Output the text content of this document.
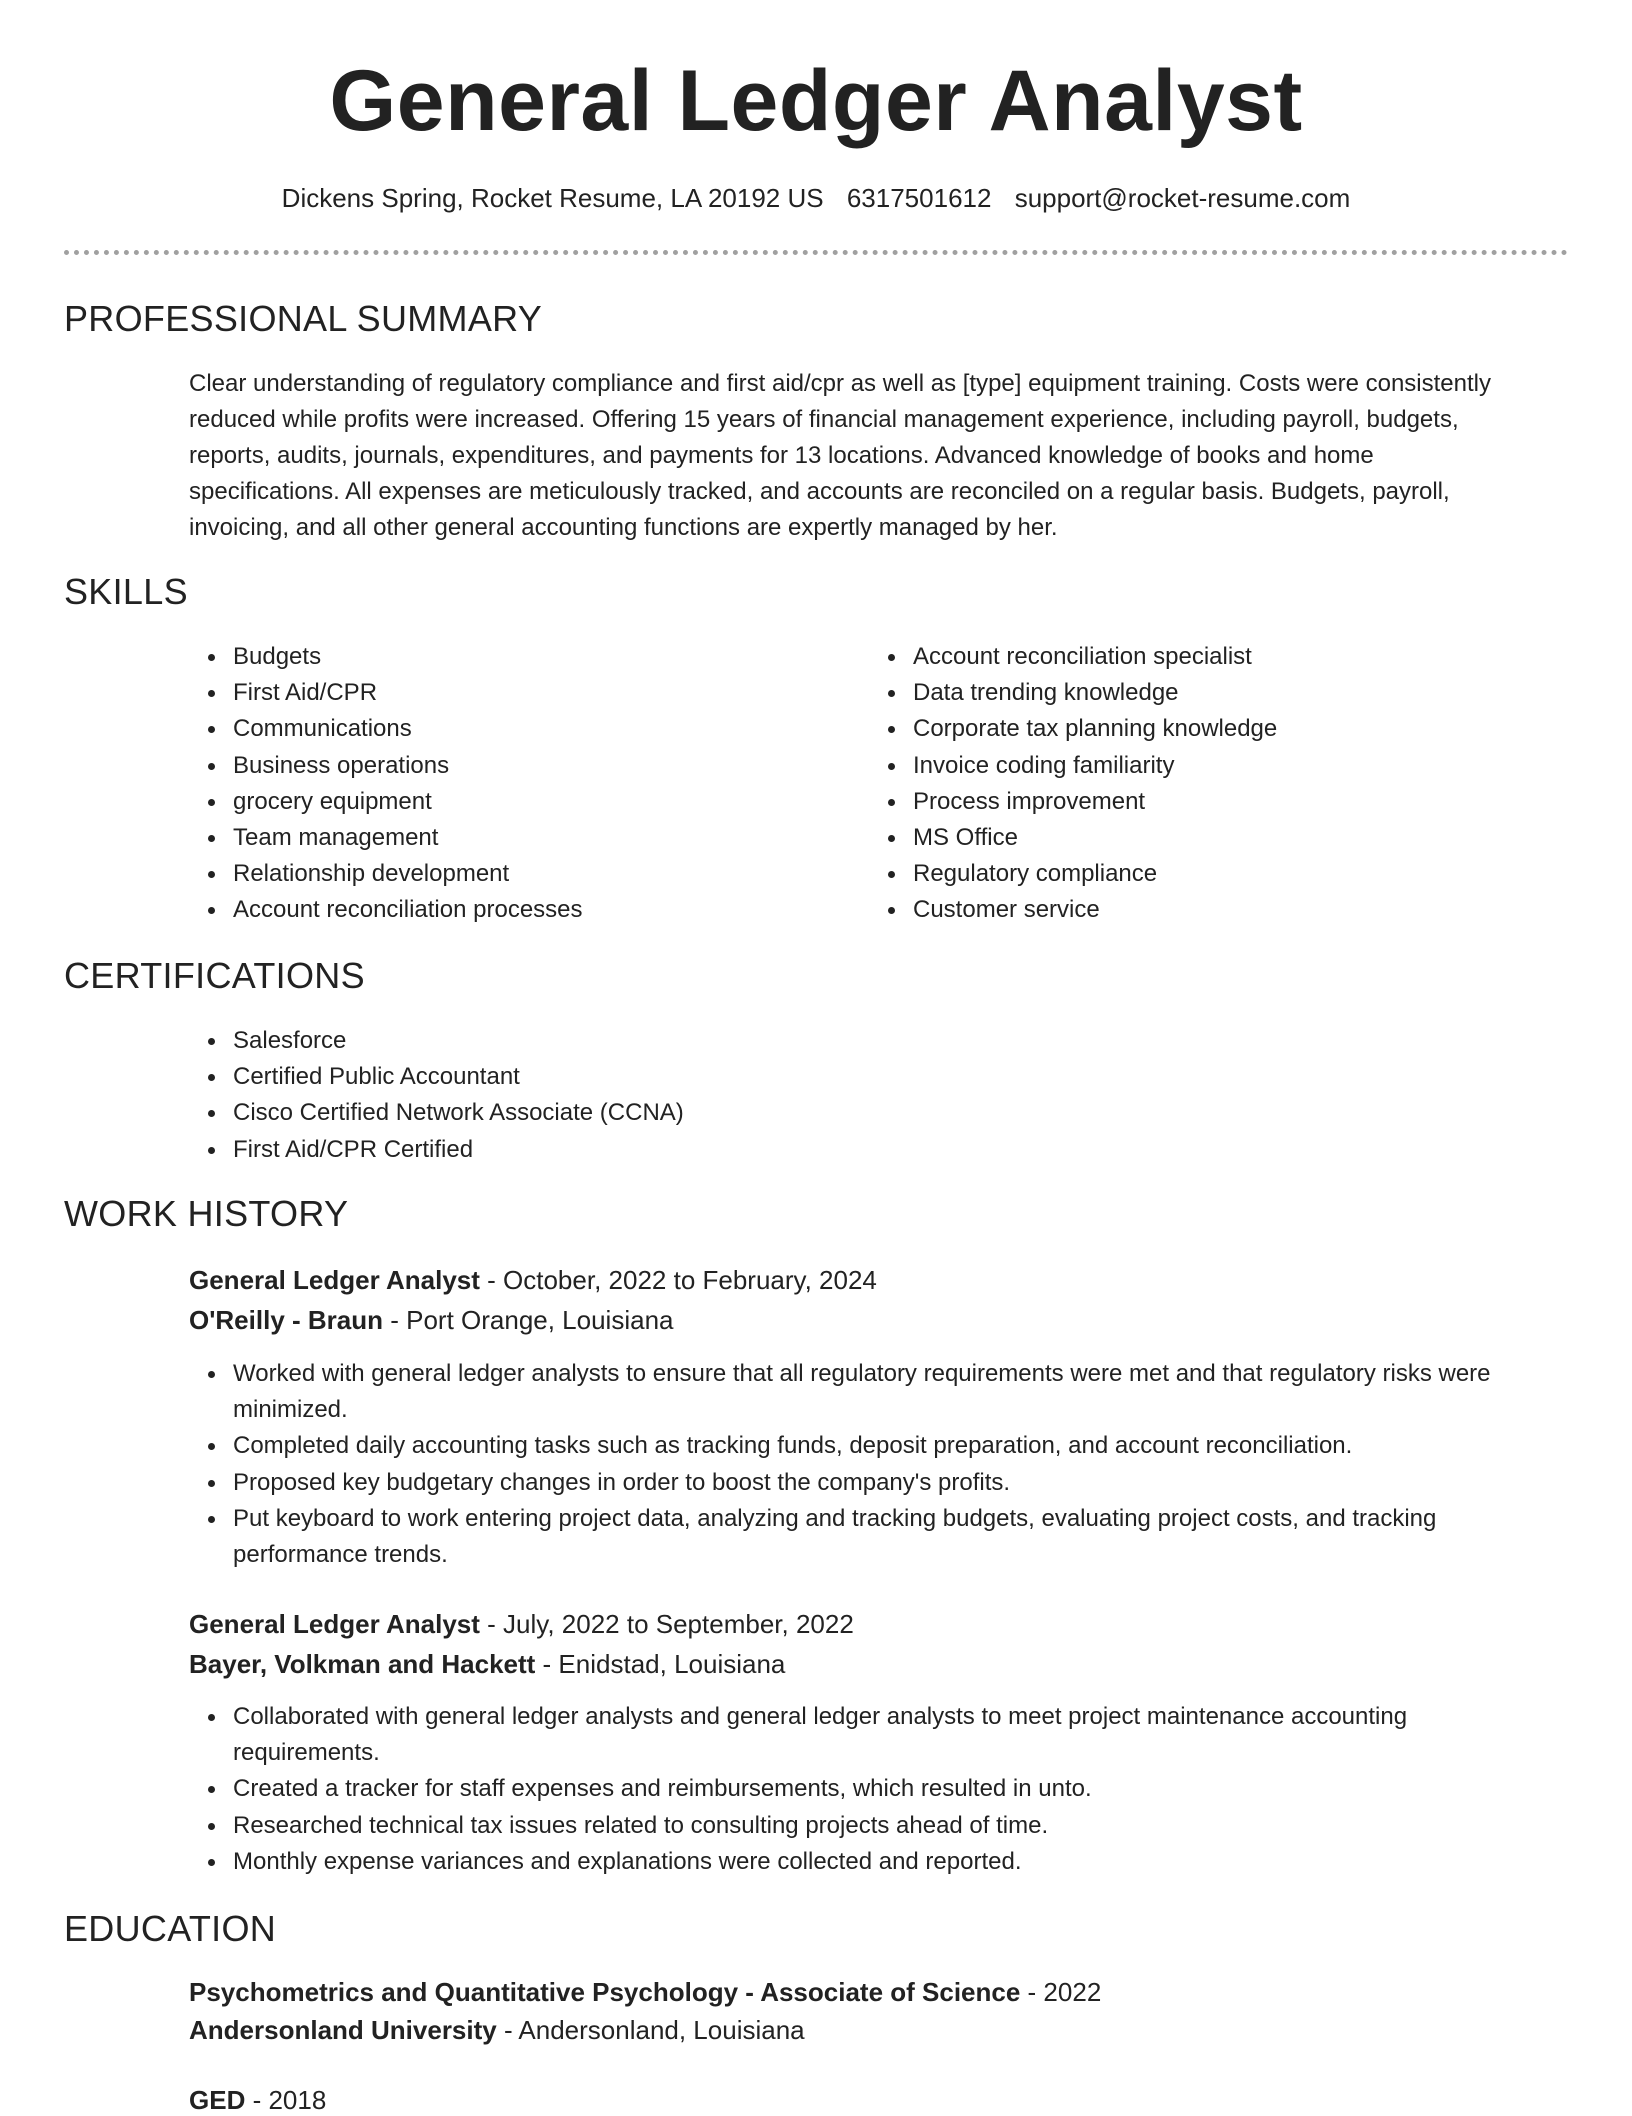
General Ledger Analyst
Dickens Spring, Rocket Resume, LA 20192 US 6317501612 support@rocket-resume.com
PROFESSIONAL SUMMARY
Clear understanding of regulatory compliance and first aid/cpr as well as [type] equipment training. Costs were consistently
reduced while profits were increased. Offering 15 years of financial management experience, including payroll, budgets,
reports, audits, journals, expenditures, and payments for 13 locations. Advanced knowledge of books and home
specifications. All expenses are meticulously tracked, and accounts are reconciled on a regular basis. Budgets, payroll,
invoicing, and all other general accounting functions are expertly managed by her.
SKILLS
Budgets
First Aid/CPR
Communications
Business operations
grocery equipment
Team management
Relationship development
Account reconciliation processes
Account reconciliation specialist
Data trending knowledge
Corporate tax planning knowledge
Invoice coding familiarity
Process improvement
MS Office
Regulatory compliance
Customer service
CERTIFICATIONS
Salesforce
Certified Public Accountant
Cisco Certified Network Associate (CCNA)
First Aid/CPR Certified
WORK HISTORY
General Ledger Analyst - October, 2022 to February, 2024
O'Reilly - Braun - Port Orange, Louisiana
Worked with general ledger analysts to ensure that all regulatory requirements were met and that regulatory risks were
minimized.
Completed daily accounting tasks such as tracking funds, deposit preparation, and account reconciliation.
Proposed key budgetary changes in order to boost the company's profits.
Put keyboard to work entering project data, analyzing and tracking budgets, evaluating project costs, and tracking
performance trends.
General Ledger Analyst - July, 2022 to September, 2022
Bayer, Volkman and Hackett - Enidstad, Louisiana
Collaborated with general ledger analysts and general ledger analysts to meet project maintenance accounting
requirements.
Created a tracker for staff expenses and reimbursements, which resulted in unto.
Researched technical tax issues related to consulting projects ahead of time.
Monthly expense variances and explanations were collected and reported.
EDUCATION
Psychometrics and Quantitative Psychology - Associate of Science - 2022
Andersonland University - Andersonland, Louisiana
GED - 2018
